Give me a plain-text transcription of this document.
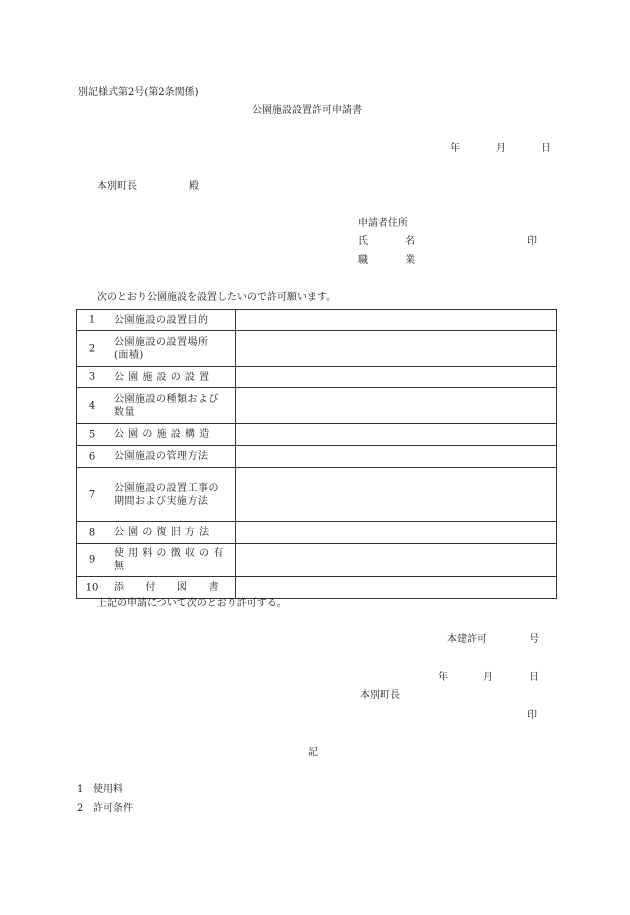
別記様式第2号(第2条関係)
公園施設設置許可申請書
年	月	日
本別町長	殿
申請者住所
氏	名	印
職	業
次のとおり公園施設を設置したいので許可願います。
1 公園施設の設置目的	

2
公園施設の設置場所
(面積)	

3 公 園 施 設 の 設 置	

4
公園施設の種類および
数量	

5 公 園 の 施 設 構 造	

6 公園施設の管理方法	

7
公園施設の設置工事の
期間および実施方法	

8 公 園 の 復 旧 方 法	

9
使 用 料 の 徴 収 の 有 無	

10 添　　付　　図　　書	

上記の申請について次のとおり許可する。
本建許可	号
年	月	日
本別町長
印
記
1 使用料
2 許可条件
